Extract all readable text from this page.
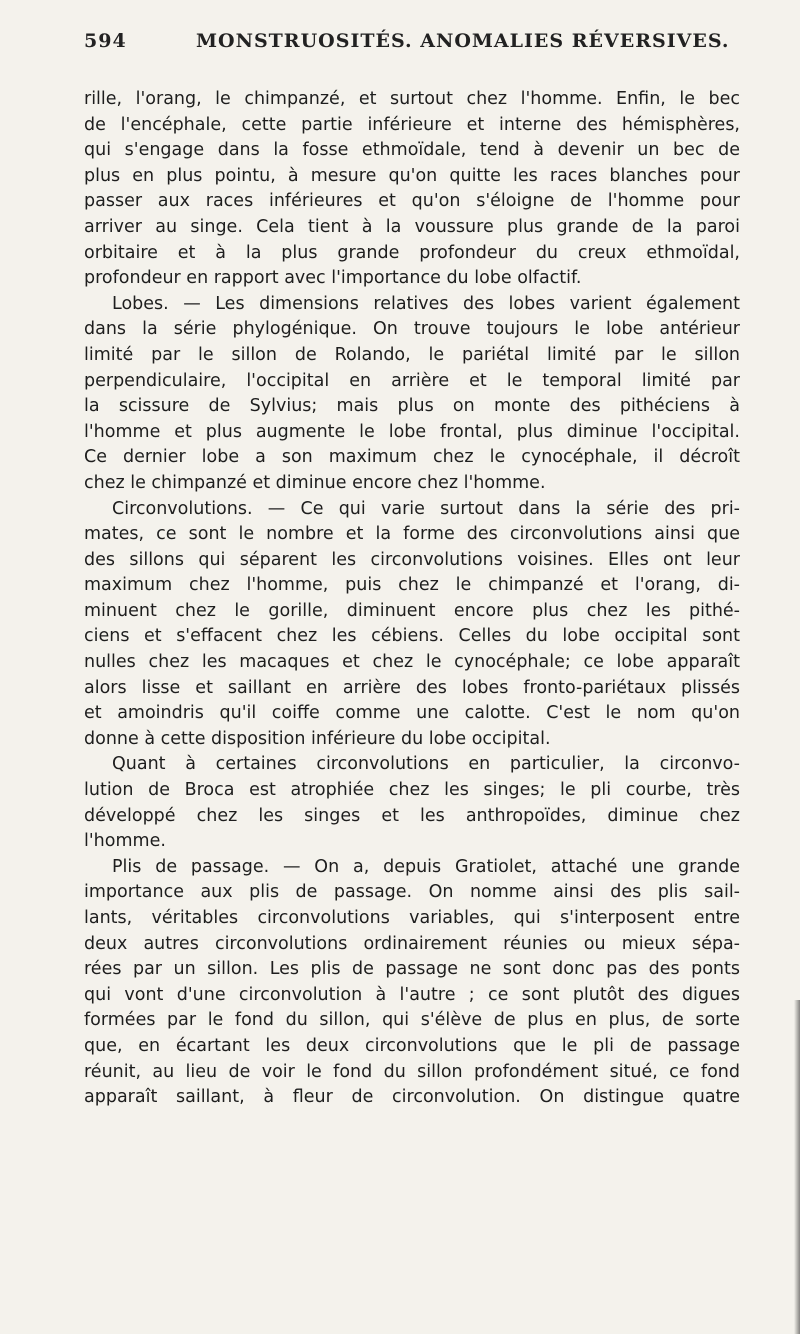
594	MONSTRUOSITÉS. ANOMALIES RÉVERSIVES.
rille, l'orang, le chimpanzé, et surtout chez l'homme. Enfin, le bec
de l'encéphale, cette partie inférieure et interne des hémisphères,
qui s'engage dans la fosse ethmoïdale, tend à devenir un bec de
plus en plus pointu, à mesure qu'on quitte les races blanches pour
passer aux races inférieures et qu'on s'éloigne de l'homme pour
arriver au singe. Cela tient à la voussure plus grande de la paroi
orbitaire et à la plus grande profondeur du creux ethmoïdal,
profondeur en rapport avec l'importance du lobe olfactif.
Lobes. — Les dimensions relatives des lobes varient également
dans la série phylogénique. On trouve toujours le lobe antérieur
limité par le sillon de Rolando, le pariétal limité par le sillon
perpendiculaire, l'occipital en arrière et le temporal limité par
la scissure de Sylvius; mais plus on monte des pithéciens à
l'homme et plus augmente le lobe frontal, plus diminue l'occipital.
Ce dernier lobe a son maximum chez le cynocéphale, il décroît
chez le chimpanzé et diminue encore chez l'homme.
Circonvolutions. — Ce qui varie surtout dans la série des pri-
mates, ce sont le nombre et la forme des circonvolutions ainsi que
des sillons qui séparent les circonvolutions voisines. Elles ont leur
maximum chez l'homme, puis chez le chimpanzé et l'orang, di-
minuent chez le gorille, diminuent encore plus chez les pithé-
ciens et s'effacent chez les cébiens. Celles du lobe occipital sont
nulles chez les macaques et chez le cynocéphale; ce lobe apparaît
alors lisse et saillant en arrière des lobes fronto-pariétaux plissés
et amoindris qu'il coiffe comme une calotte. C'est le nom qu'on
donne à cette disposition inférieure du lobe occipital.
Quant à certaines circonvolutions en particulier, la circonvo-
lution de Broca est atrophiée chez les singes; le pli courbe, très
développé chez les singes et les anthropoïdes, diminue chez
l'homme.
Plis de passage. — On a, depuis Gratiolet, attaché une grande
importance aux plis de passage. On nomme ainsi des plis sail-
lants, véritables circonvolutions variables, qui s'interposent entre
deux autres circonvolutions ordinairement réunies ou mieux sépa-
rées par un sillon. Les plis de passage ne sont donc pas des ponts
qui vont d'une circonvolution à l'autre ; ce sont plutôt des digues
formées par le fond du sillon, qui s'élève de plus en plus, de sorte
que, en écartant les deux circonvolutions que le pli de passage
réunit, au lieu de voir le fond du sillon profondément situé, ce fond
apparaît saillant, à fleur de circonvolution. On distingue quatre
